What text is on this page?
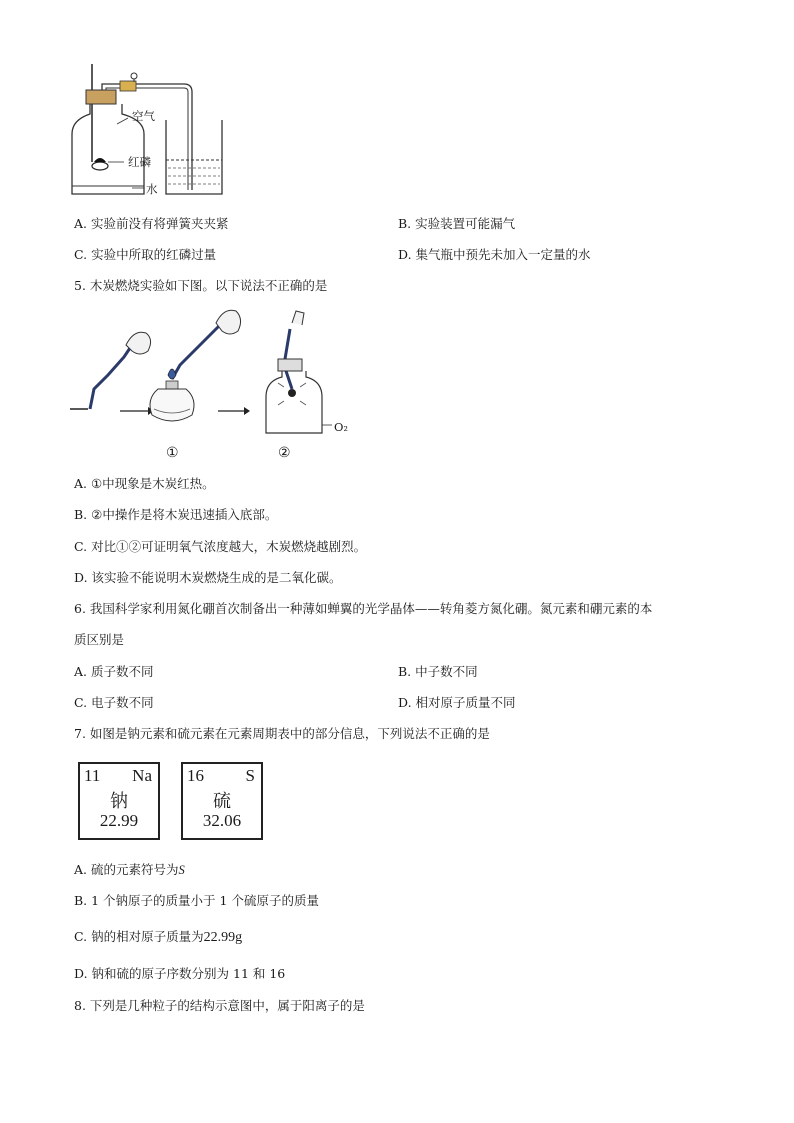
空气
红磷
水
A. 实验前没有将弹簧夹夹紧	B. 实验装置可能漏气
C. 实验中所取的红磷过量	D. 集气瓶中预先未加入一定量的水
5. 木炭燃烧实验如下图。以下说法不正确的是
O₂
①	②
A. ①中现象是木炭红热。
B. ②中操作是将木炭迅速插入底部。
C. 对比①②可证明氧气浓度越大，木炭燃烧越剧烈。
D. 该实验不能说明木炭燃烧生成的是二氧化碳。
6. 我国科学家利用氮化硼首次制备出一种薄如蝉翼的光学晶体——转角菱方氮化硼。氮元素和硼元素的本
质区别是
A. 质子数不同	B. 中子数不同
C. 电子数不同	D. 相对原子质量不同
7. 如图是钠元素和硫元素在元素周期表中的部分信息，下列说法不正确的是
11 Na
钠
22.99
16 S
硫
32.06
A. 硫的元素符号为S
B. 1 个钠原子的质量小于 1 个硫原子的质量
C. 钠的相对原子质量为22.99g
D. 钠和硫的原子序数分别为 11 和 16
8. 下列是几种粒子的结构示意图中，属于阳离子的是
